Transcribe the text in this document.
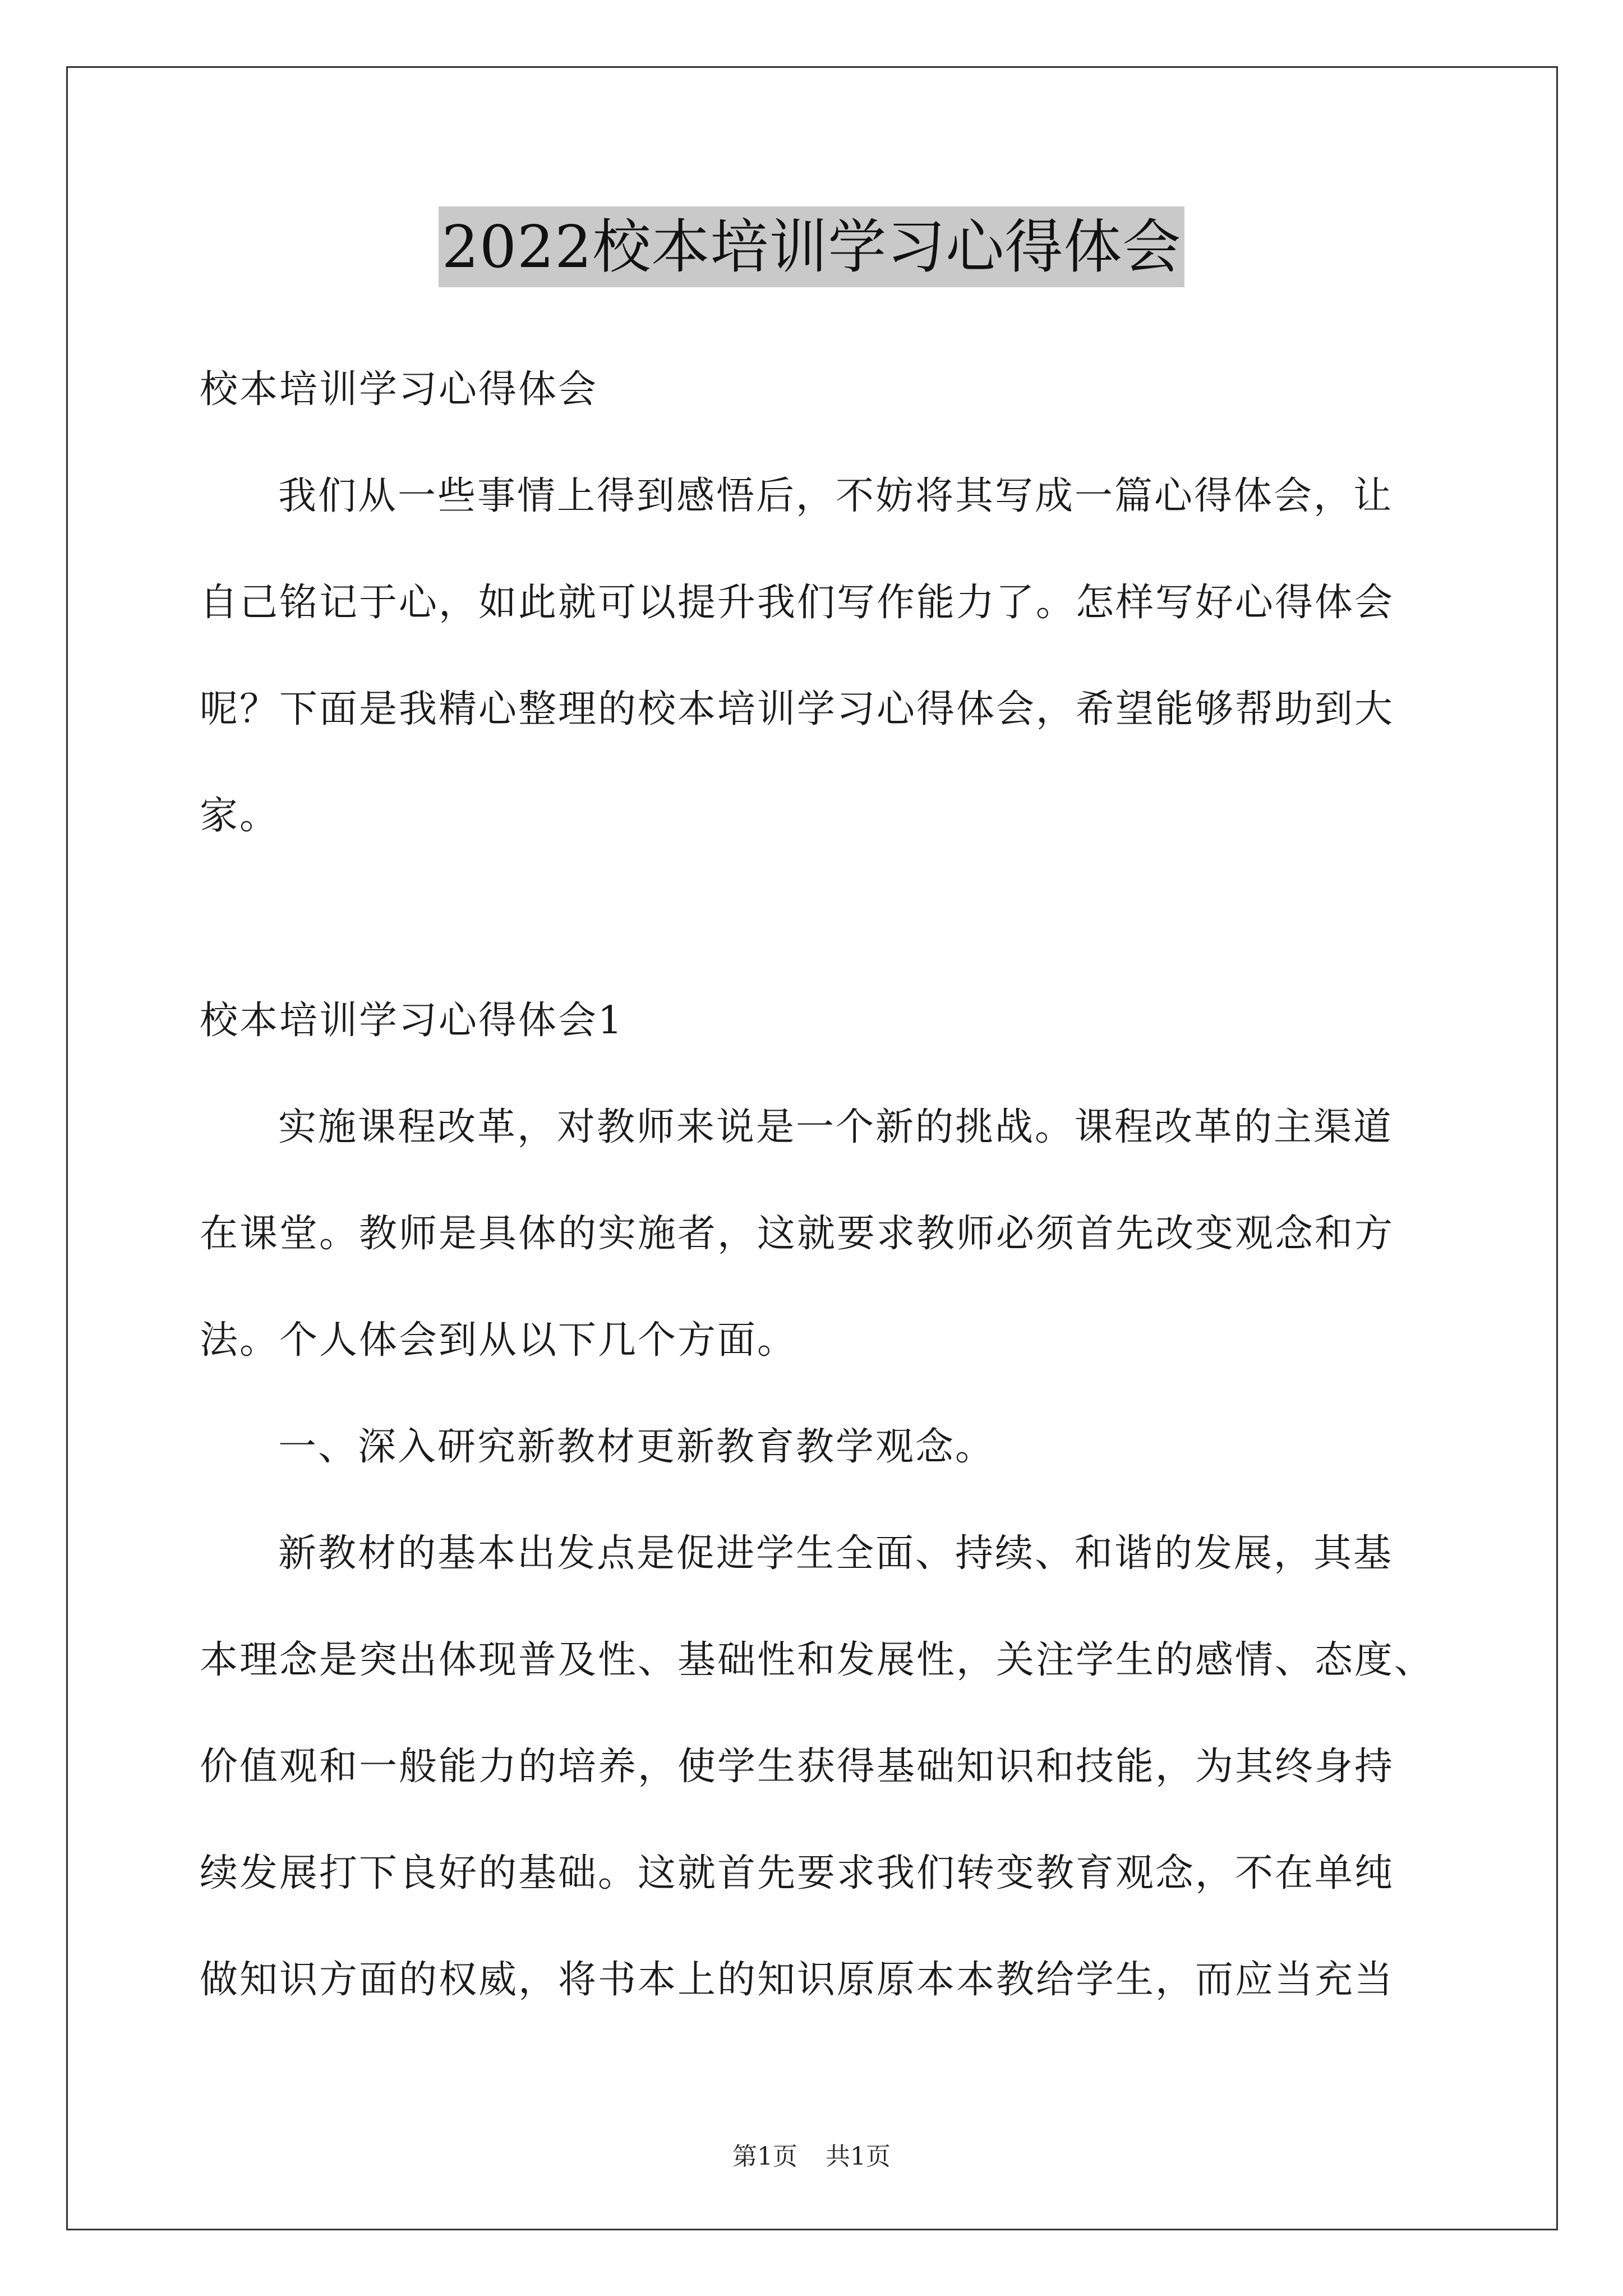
2022校本培训学习心得体会
校本培训学习心得体会
我们从一些事情上得到感悟后，不妨将其写成一篇心得体会，让
自己铭记于心，如此就可以提升我们写作能力了。怎样写好心得体会
呢？下面是我精心整理的校本培训学习心得体会，希望能够帮助到大
家。
校本培训学习心得体会1
实施课程改革，对教师来说是一个新的挑战。课程改革的主渠道
在课堂。教师是具体的实施者，这就要求教师必须首先改变观念和方
法。个人体会到从以下几个方面。
一、深入研究新教材更新教育教学观念。
新教材的基本出发点是促进学生全面、持续、和谐的发展，其基
本理念是突出体现普及性、基础性和发展性，关注学生的感情、态度、
价值观和一般能力的培养，使学生获得基础知识和技能，为其终身持
续发展打下良好的基础。这就首先要求我们转变教育观念，不在单纯
做知识方面的权威，将书本上的知识原原本本教给学生，而应当充当
第1页 共1页
